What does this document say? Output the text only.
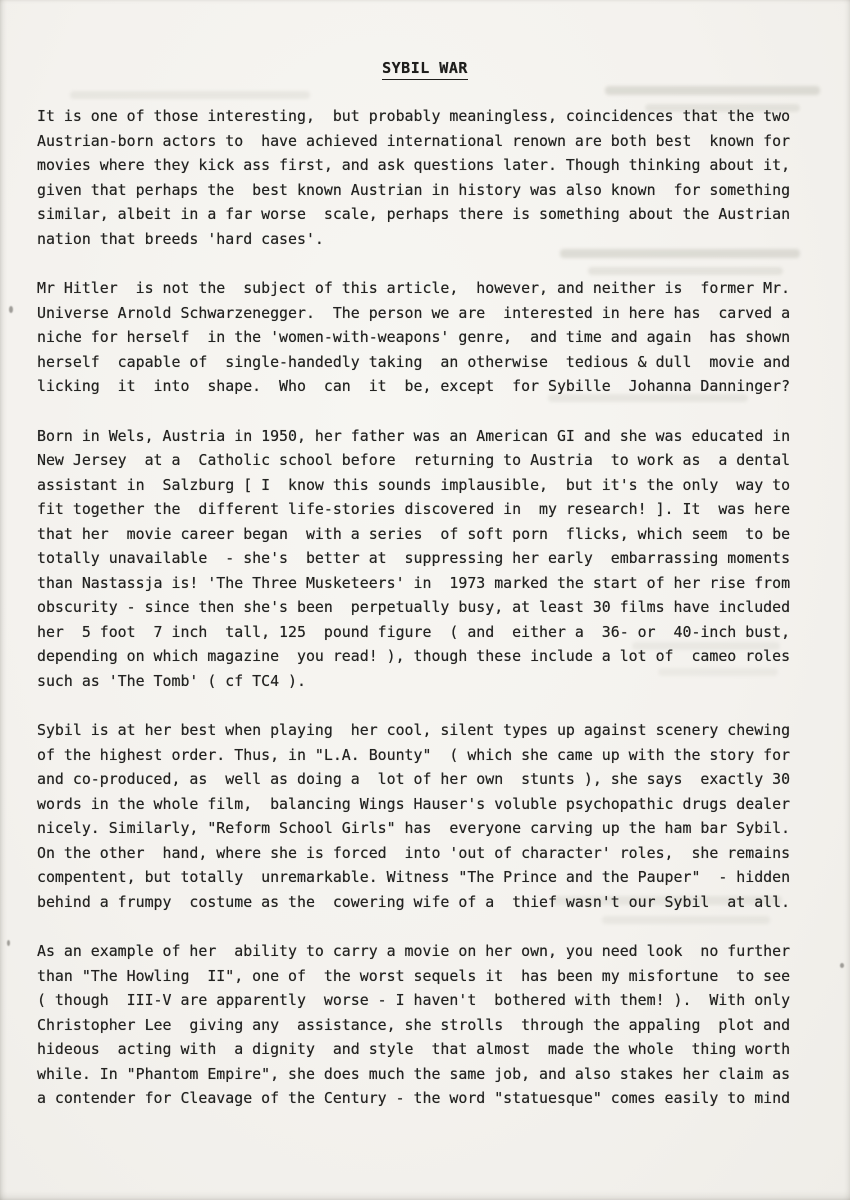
SYBIL WAR
It is one of those interesting,  but probably meaningless, coincidences that the two
Austrian-born actors to  have achieved international renown are both best  known for
movies where they kick ass first, and ask questions later. Though thinking about it,
given that perhaps the  best known Austrian in history was also known  for something
similar, albeit in a far worse  scale, perhaps there is something about the Austrian
nation that breeds 'hard cases'.
Mr Hitler  is not the  subject of this article,  however, and neither is  former Mr.
Universe Arnold Schwarzenegger.  The person we are  interested in here has  carved a
niche for herself  in the 'women-with-weapons' genre,  and time and again  has shown
herself  capable of  single-handedly taking  an otherwise  tedious & dull  movie and
licking  it  into  shape.  Who  can  it  be, except  for Sybille  Johanna Danninger?
Born in Wels, Austria in 1950, her father was an American GI and she was educated in
New Jersey  at a  Catholic school before  returning to Austria  to work as  a dental
assistant in  Salzburg [ I  know this sounds implausible,  but it's the only  way to
fit together the  different life-stories discovered in  my research! ]. It  was here
that her  movie career began  with a series  of soft porn  flicks, which seem  to be
totally unavailable  - she's  better at  suppressing her early  embarrassing moments
than Nastassja is! 'The Three Musketeers' in  1973 marked the start of her rise from
obscurity - since then she's been  perpetually busy, at least 30 films have included
her  5 foot  7 inch  tall, 125  pound figure  ( and  either a  36- or  40-inch bust,
depending on which magazine  you read! ), though these include a lot of  cameo roles
such as 'The Tomb' ( cf TC4 ).
Sybil is at her best when playing  her cool, silent types up against scenery chewing
of the highest order. Thus, in "L.A. Bounty"  ( which she came up with the story for
and co-produced, as  well as doing a  lot of her own  stunts ), she says  exactly 30
words in the whole film,  balancing Wings Hauser's voluble psychopathic drugs dealer
nicely. Similarly, "Reform School Girls" has  everyone carving up the ham bar Sybil.
On the other  hand, where she is forced  into 'out of character' roles,  she remains
compentent, but totally  unremarkable. Witness "The Prince and the Pauper"  - hidden
behind a frumpy  costume as the  cowering wife of a  thief wasn't our Sybil  at all.
As an example of her  ability to carry a movie on her own, you need look  no further
than "The Howling  II", one of  the worst sequels it  has been my misfortune  to see
( though  III-V are apparently  worse - I haven't  bothered with them! ).  With only
Christopher Lee  giving any  assistance, she strolls  through the appaling  plot and
hideous  acting with  a dignity  and style  that almost  made the whole  thing worth
while. In "Phantom Empire", she does much the same job, and also stakes her claim as
a contender for Cleavage of the Century - the word "statuesque" comes easily to mind
